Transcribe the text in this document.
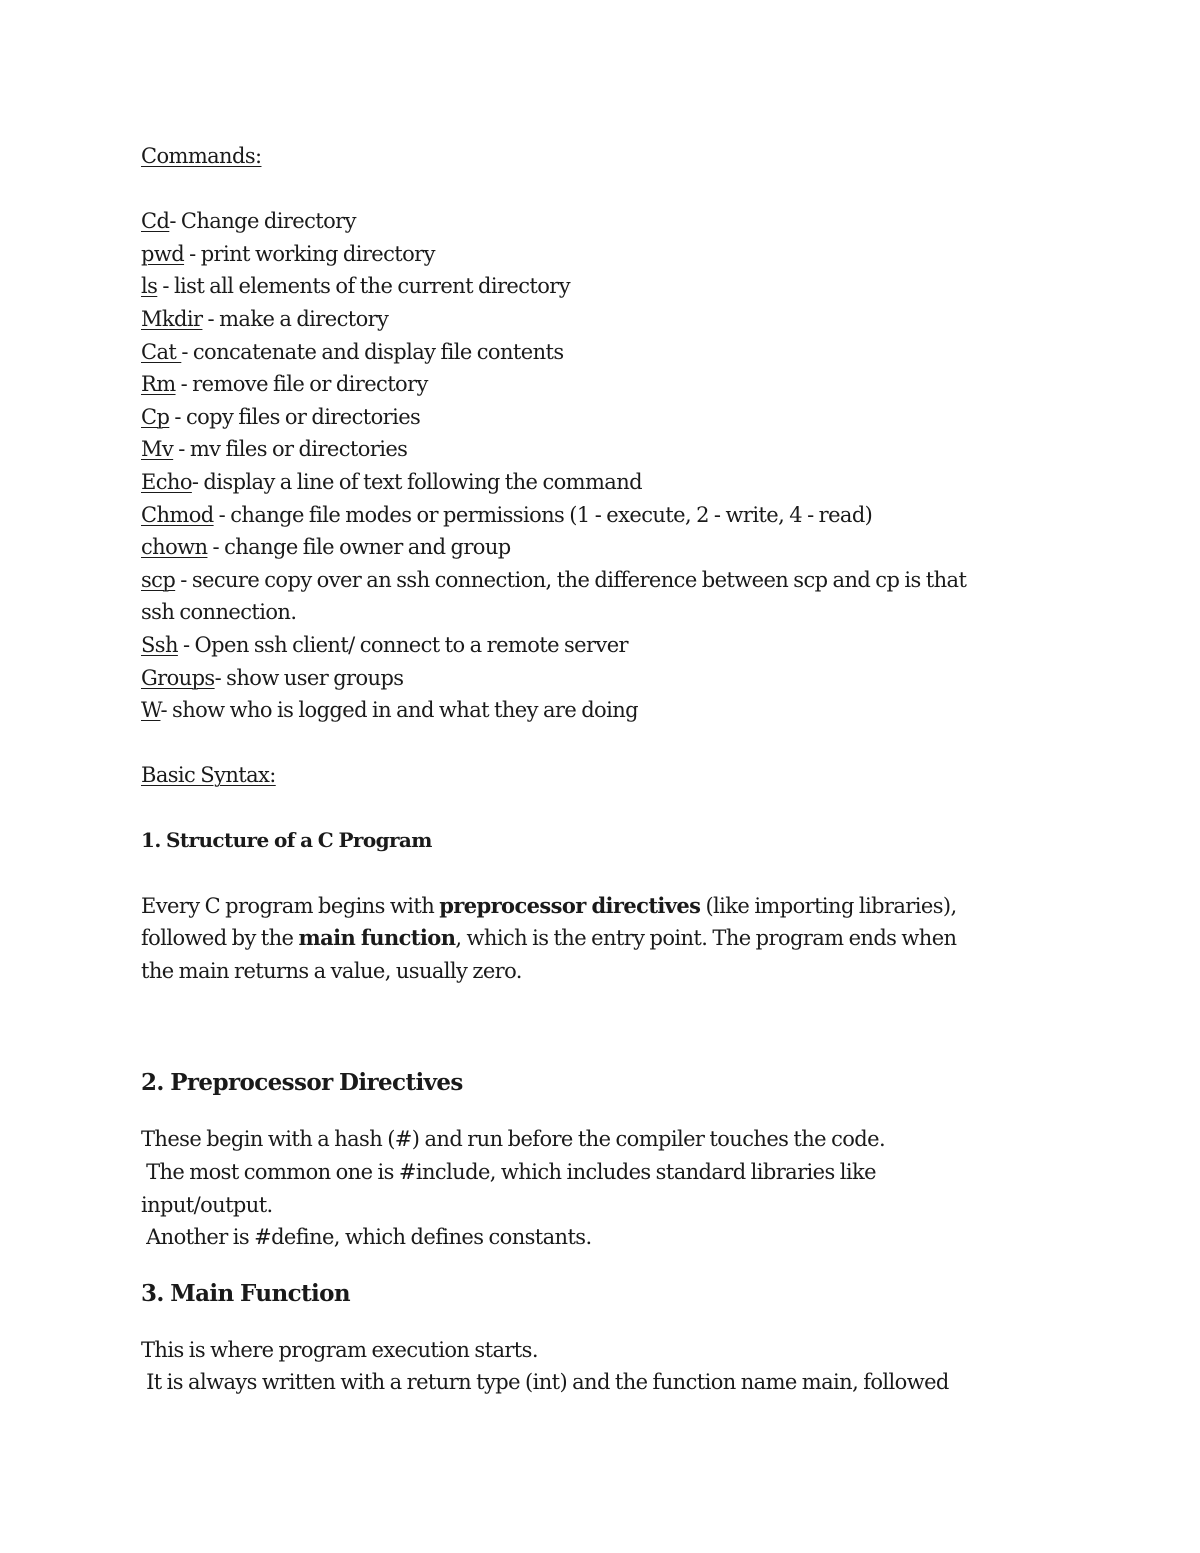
Commands:
Cd- Change directory
pwd - print working directory
ls - list all elements of the current directory
Mkdir - make a directory
Cat - concatenate and display file contents
Rm - remove file or directory
Cp - copy files or directories
Mv - mv files or directories
Echo- display a line of text following the command
Chmod - change file modes or permissions (1 - execute, 2 - write, 4 - read)
chown - change file owner and group
scp - secure copy over an ssh connection, the difference between scp and cp is that
ssh connection.
Ssh - Open ssh client/ connect to a remote server
Groups- show user groups
W- show who is logged in and what they are doing
Basic Syntax:
1. Structure of a C Program
Every C program begins with preprocessor directives (like importing libraries),
followed by the main function, which is the entry point. The program ends when
the main returns a value, usually zero.
2. Preprocessor Directives
These begin with a hash (#) and run before the compiler touches the code.
The most common one is #include, which includes standard libraries like
input/output.
Another is #define, which defines constants.
3. Main Function
This is where program execution starts.
It is always written with a return type (int) and the function name main, followed
